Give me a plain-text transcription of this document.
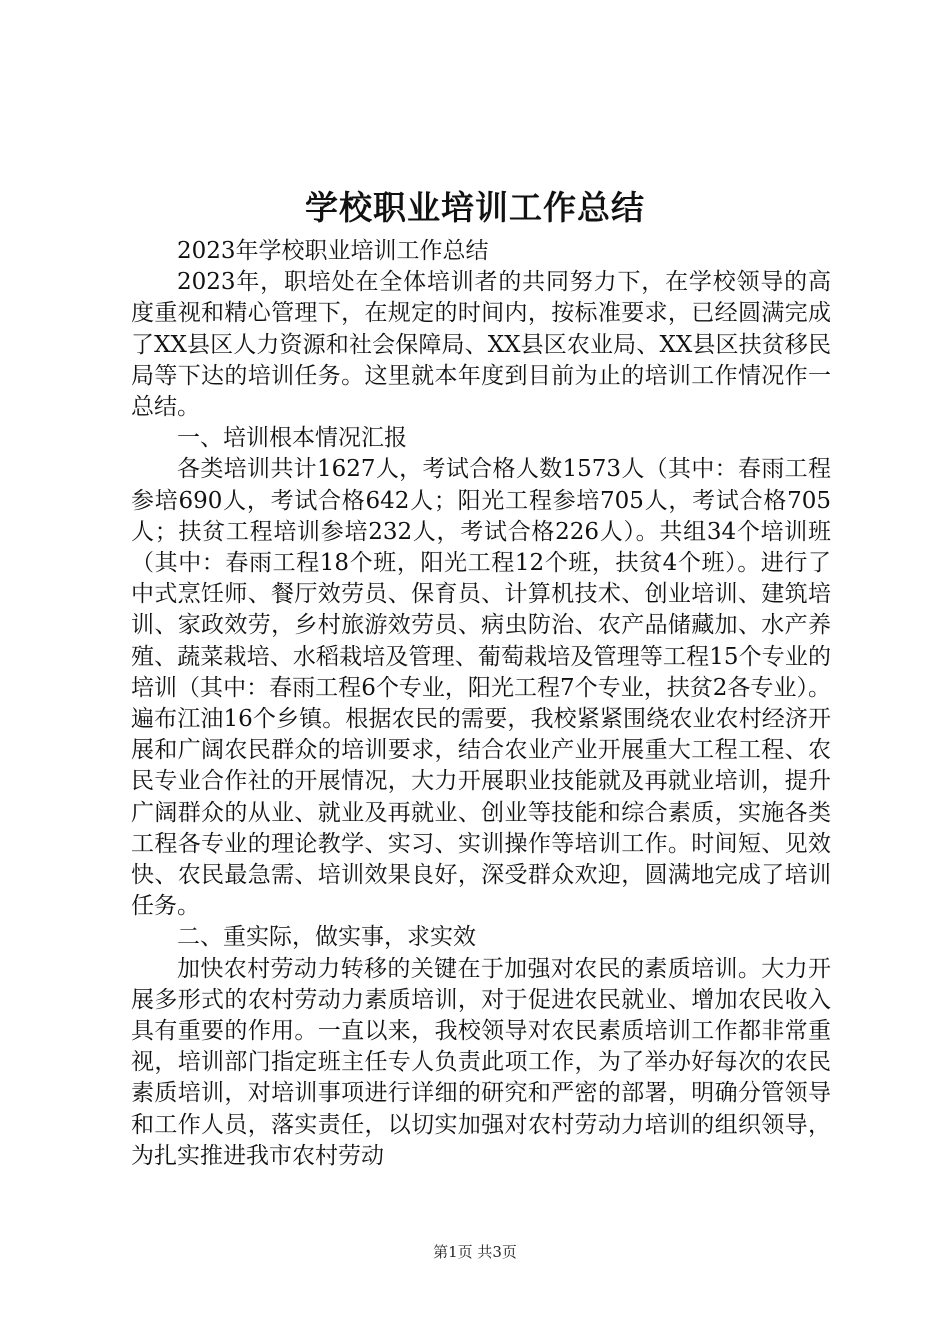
学校职业培训工作总结

2023年学校职业培训工作总结

2023年，职培处在全体培训者的共同努力下，在学校领导的高度重视和精心管理下，在规定的时间内，按标准要求，已经圆满完成了XX县区人力资源和社会保障局、XX县区农业局、XX县区扶贫移民局等下达的培训任务。这里就本年度到目前为止的培训工作情况作一总结。

一、培训根本情况汇报

各类培训共计1627人，考试合格人数1573人（其中：春雨工程参培690人，考试合格642人；阳光工程参培705人，考试合格705人；扶贫工程培训参培232人，考试合格226人）。共组34个培训班（其中：春雨工程18个班，阳光工程12个班，扶贫4个班）。进行了中式烹饪师、餐厅效劳员、保育员、计算机技术、创业培训、建筑培训、家政效劳，乡村旅游效劳员、病虫防治、农产品储藏加、水产养殖、蔬菜栽培、水稻栽培及管理、葡萄栽培及管理等工程15个专业的培训（其中：春雨工程6个专业，阳光工程7个专业，扶贫2各专业）。遍布江油16个乡镇。根据农民的需要，我校紧紧围绕农业农村经济开展和广阔农民群众的培训要求，结合农业产业开展重大工程工程、农民专业合作社的开展情况，大力开展职业技能就及再就业培训，提升广阔群众的从业、就业及再就业、创业等技能和综合素质，实施各类工程各专业的理论教学、实习、实训操作等培训工作。时间短、见效快、农民最急需、培训效果良好，深受群众欢迎，圆满地完成了培训任务。

二、重实际，做实事，求实效

加快农村劳动力转移的关键在于加强对农民的素质培训。大力开展多形式的农村劳动力素质培训，对于促进农民就业、增加农民收入具有重要的作用。一直以来，我校领导对农民素质培训工作都非常重视，培训部门指定班主任专人负责此项工作，为了举办好每次的农民素质培训，对培训事项进行详细的研究和严密的部署，明确分管领导和工作人员，落实责任，以切实加强对农村劳动力培训的组织领导，为扎实推进我市农村劳动

第1页 共3页
